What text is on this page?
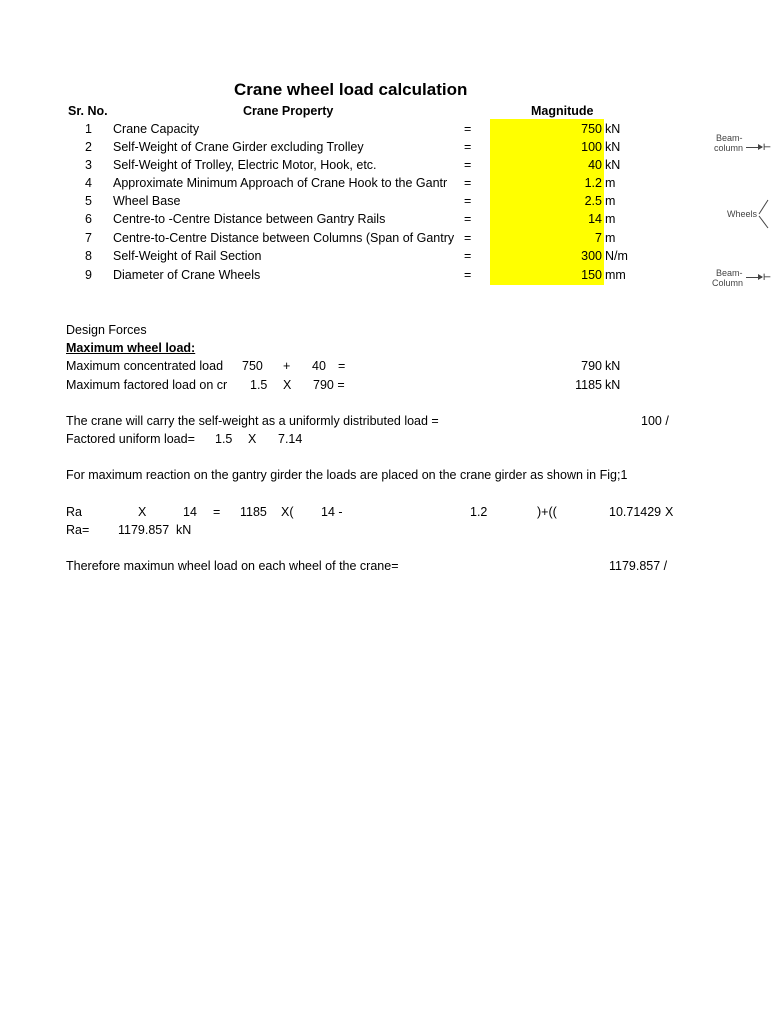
Crane wheel load calculation
Sr. No.	Crane Property	Magnitude
1 Crane Capacity	=	750 kN
2 Self-Weight of Crane Girder excluding Trolley	=	100 kN
3 Self-Weight of Trolley, Electric Motor, Hook, etc.	=	40 kN
4 Approximate Minimum Approach of Crane Hook to the Gantr	=	1.2 m
5 Wheel Base	=	2.5 m
6 Centre-to -Centre Distance between Gantry Rails	=	14 m
7 Centre-to-Centre Distance between Columns (Span of Gantry =	7 m
8 Self-Weight of Rail Section	=	300 N/m
9 Diameter of Crane Wheels	=	150 mm
Beam-
column ⊢
Wheels
Beam-
Column
⊢
Design Forces
Maximum wheel load:
Maximum concentrated load 750 + 40 =	790 kN
Maximum factored load on cr	1.5 X 790 =	1185 kN
The crane will carry the self-weight as a uniformly distributed load =	100 /
Factored uniform load= 1.5 X 7.14
For maximum reaction on the gantry girder the loads are placed on the crane girder as shown in Fig;1
Ra	X	14 = 1185 X( 14 -	1.2	)+((	10.71429 X
Ra= 1179.857 kN
Therefore maximun wheel load on each wheel of the crane=	1179.857 /
